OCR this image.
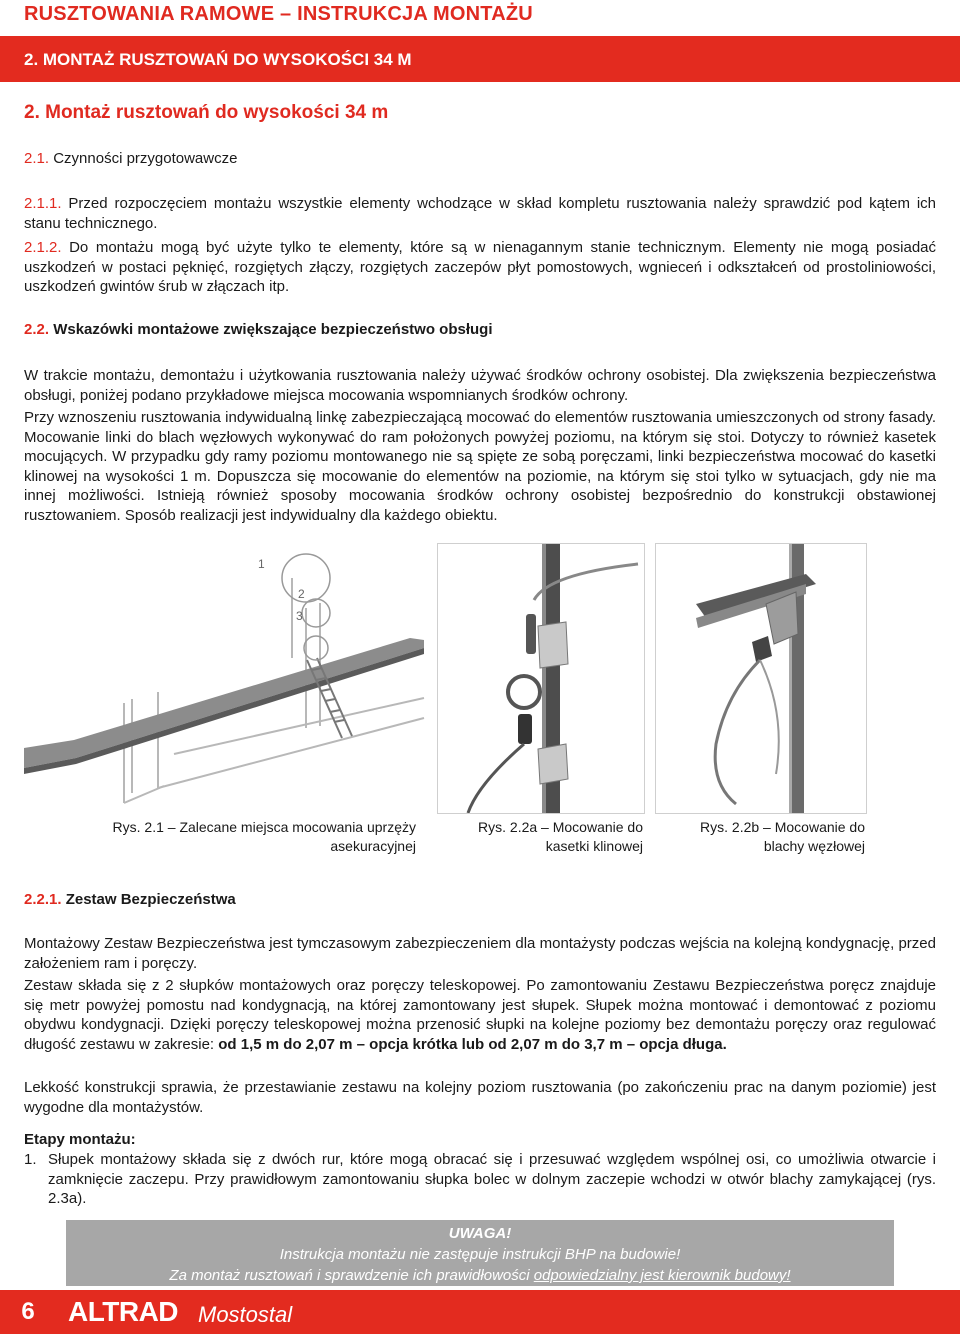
RUSZTOWANIA RAMOWE – INSTRUKCJA MONTAŻU
2. MONTAŻ RUSZTOWAŃ DO WYSOKOŚCI 34 M
2. Montaż rusztowań do wysokości 34 m
2.1. Czynności przygotowawcze
2.1.1. Przed rozpoczęciem montażu wszystkie elementy wchodzące w skład kompletu rusztowania należy sprawdzić pod kątem ich stanu technicznego.
2.1.2. Do montażu mogą być użyte tylko te elementy, które są w nienagannym stanie technicznym. Elementy nie mogą posiadać uszkodzeń w postaci pęknięć, rozgiętych złączy, rozgiętych zaczepów płyt pomostowych, wgnieceń i odkształceń od prostoliniowości, uszkodzeń gwintów śrub w złączach itp.
2.2. Wskazówki montażowe zwiększające bezpieczeństwo obsługi
W trakcie montażu, demontażu i użytkowania rusztowania należy używać środków ochrony osobistej. Dla zwiększenia bezpieczeństwa obsługi, poniżej podano przykładowe miejsca mocowania wspomnianych środków ochrony.
Przy wznoszeniu rusztowania indywidualną linkę zabezpieczającą mocować do elementów rusztowania umieszczonych od strony fasady. Mocowanie linki do blach węzłowych wykonywać do ram położonych powyżej poziomu, na którym się stoi. Dotyczy to również kasetek mocujących. W przypadku gdy ramy poziomu montowanego nie są spięte ze sobą poręczami, linki bezpieczeństwa mocować do kasetki klinowej na wysokości 1 m. Dopuszcza się mocowanie do elementów na poziomie, na którym się stoi tylko w sytuacjach, gdy nie ma innej możliwości. Istnieją również sposoby mocowania środków ochrony osobistej bezpośrednio do konstrukcji obstawionej rusztowaniem. Sposób realizacji jest indywidualny dla każdego obiektu.
1
2
3
Rys. 2.1 – Zalecane miejsca mocowania uprzęży
asekuracyjnej
Rys. 2.2a – Mocowanie do
kasetki klinowej
Rys. 2.2b – Mocowanie do
blachy węzłowej
2.2.1. Zestaw Bezpieczeństwa
Montażowy Zestaw Bezpieczeństwa jest tymczasowym zabezpieczeniem dla montażysty podczas wejścia na kolejną kondygnację, przed założeniem ram i poręczy.
Zestaw składa się z 2 słupków montażowych oraz poręczy teleskopowej. Po zamontowaniu Zestawu Bezpieczeństwa poręcz znajduje się metr powyżej pomostu nad kondygnacją, na której zamontowany jest słupek. Słupek można montować i demontować z poziomu obydwu kondygnacji. Dzięki poręczy teleskopowej można przenosić słupki na kolejne poziomy bez demontażu poręczy oraz regulować długość zestawu w zakresie: od 1,5 m do 2,07 m – opcja krótka lub od 2,07 m do 3,7 m – opcja długa.
Lekkość konstrukcji sprawia, że przestawianie zestawu na kolejny poziom rusztowania (po zakończeniu prac na danym poziomie) jest wygodne dla montażystów.
Etapy montażu:
1. Słupek montażowy składa się z dwóch rur, które mogą obracać się i przesuwać względem wspólnej osi, co umożliwia otwarcie i zamknięcie zaczepu. Przy prawidłowym zamontowaniu słupka bolec w dolnym zaczepie wchodzi w otwór blachy zamykającej (rys. 2.3a).
UWAGA!
Instrukcja montażu nie zastępuje instrukcji BHP na budowie!
Za montaż rusztowań i sprawdzenie ich prawidłowości odpowiedzialny jest kierownik budowy!
6	ALTRAD Mostostal
